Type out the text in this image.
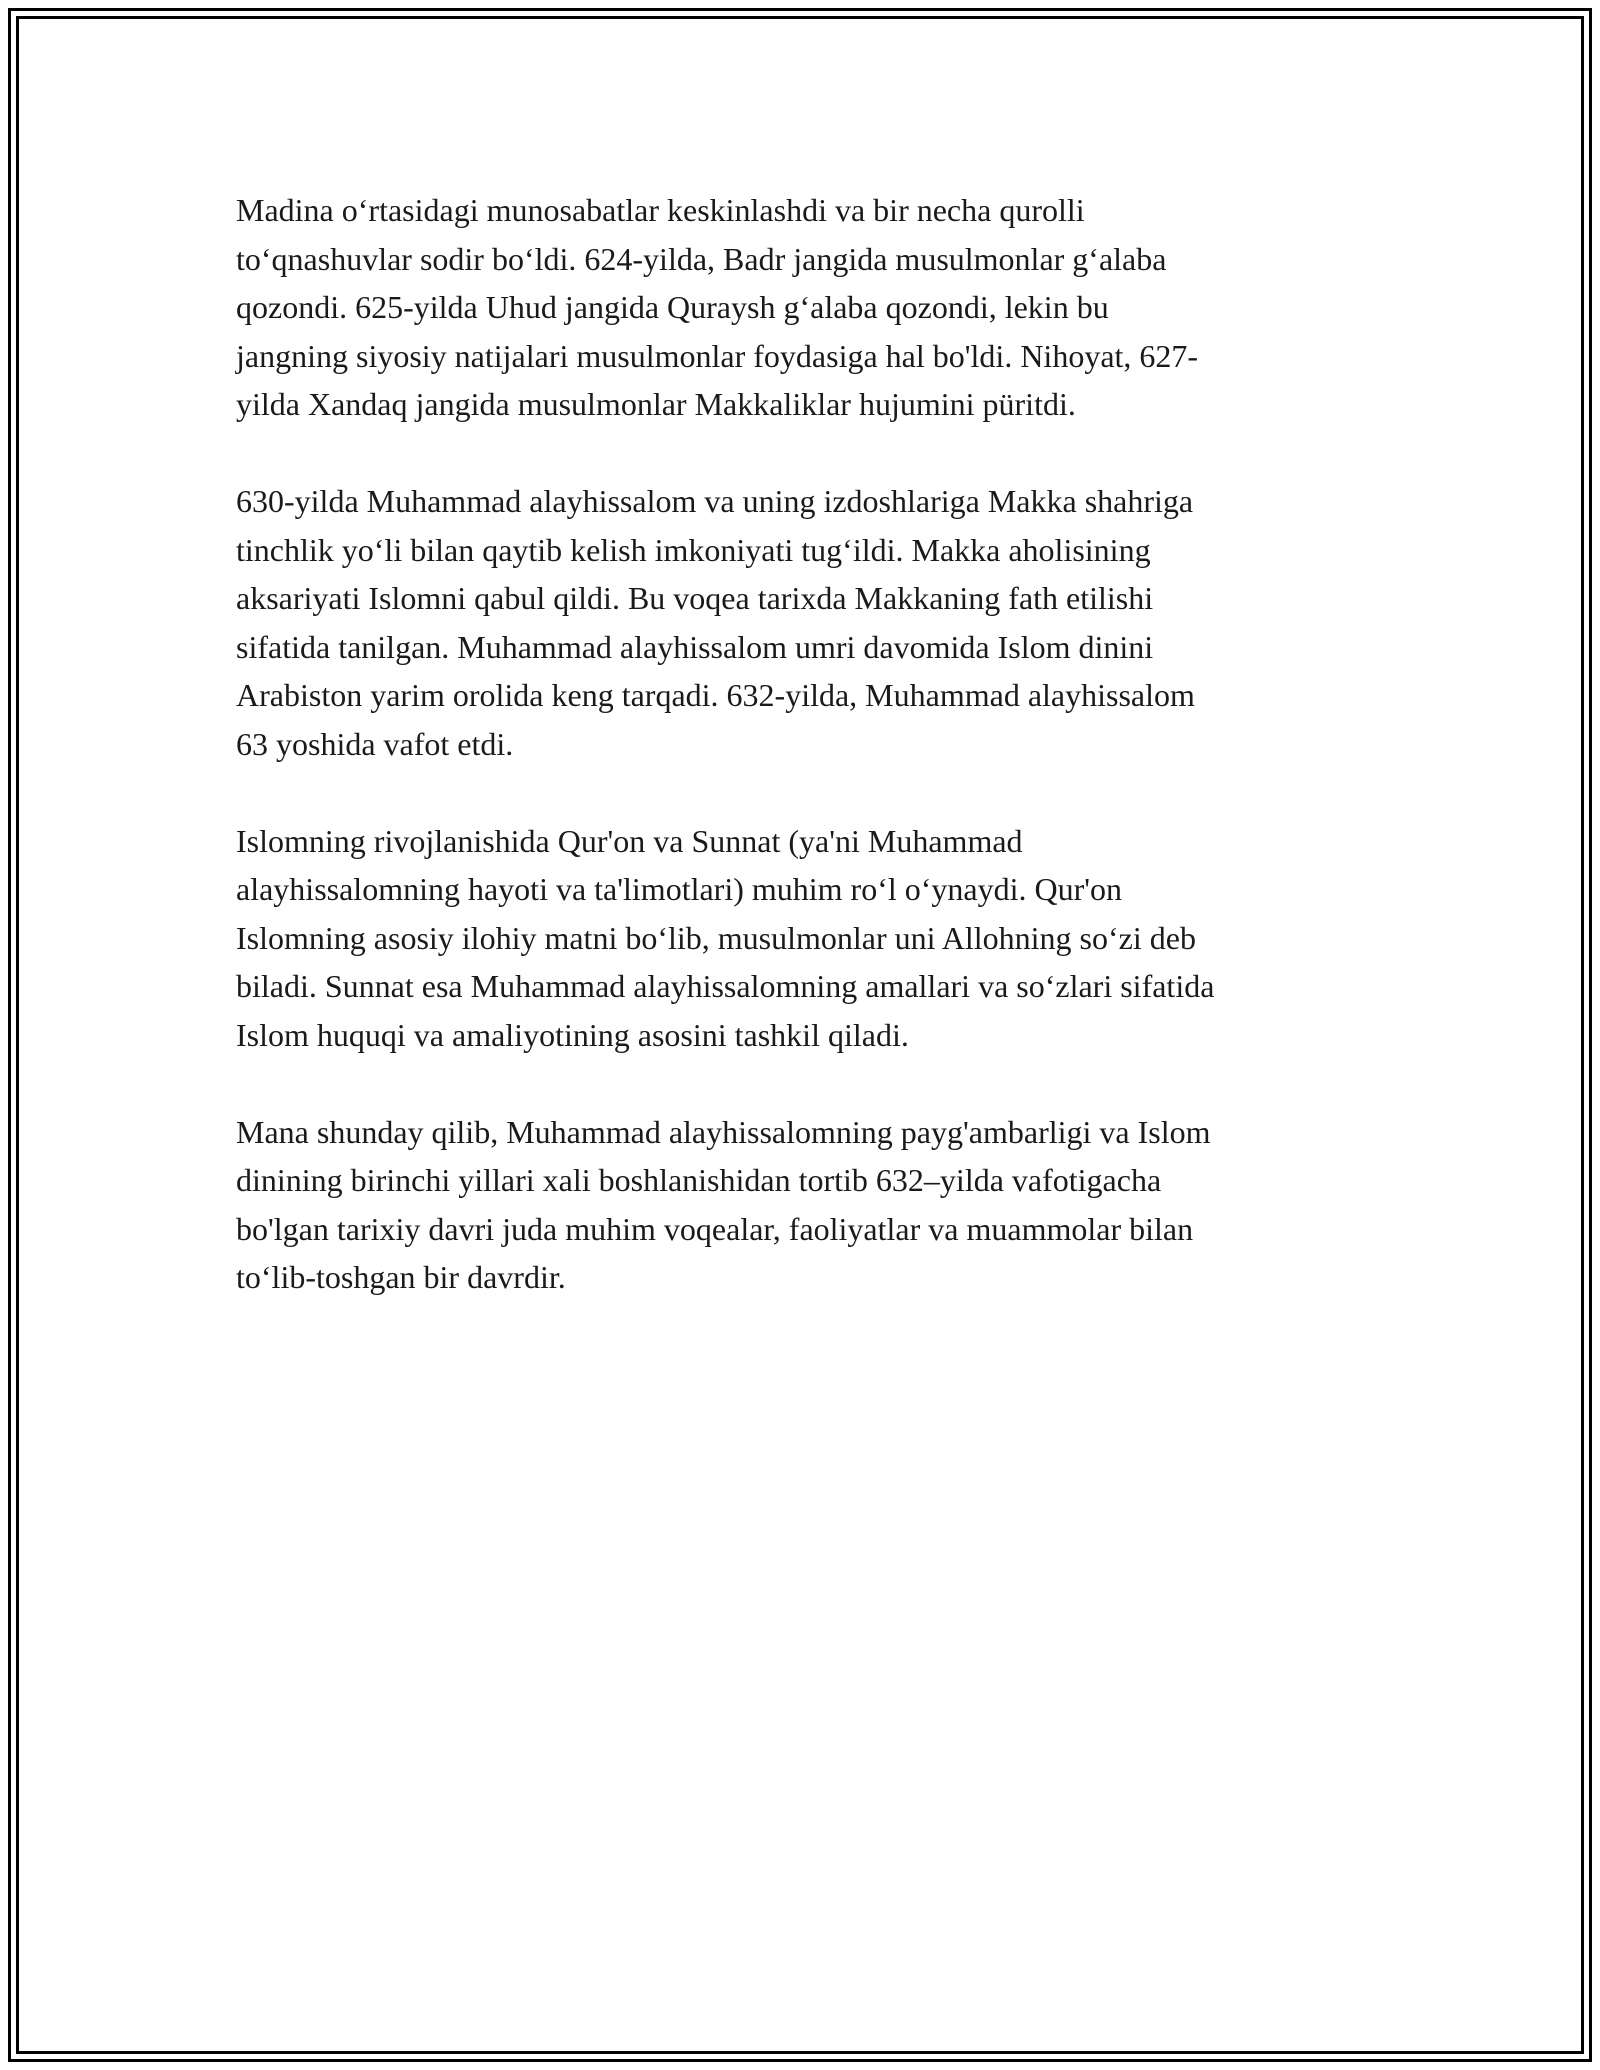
Madina o‘rtasidagi munosabatlar keskinlashdi va bir necha qurolli
to‘qnashuvlar sodir bo‘ldi. 624-yilda, Badr jangida musulmonlar g‘alaba
qozondi. 625-yilda Uhud jangida Quraysh g‘alaba qozondi, lekin bu
jangning siyosiy natijalari musulmonlar foydasiga hal bo'ldi. Nihoyat, 627-
yilda Xandaq jangida musulmonlar Makkaliklar hujumini püritdi.

630-yilda Muhammad alayhissalom va uning izdoshlariga Makka shahriga
tinchlik yo‘li bilan qaytib kelish imkoniyati tug‘ildi. Makka aholisining
aksariyati Islomni qabul qildi. Bu voqea tarixda Makkaning fath etilishi
sifatida tanilgan. Muhammad alayhissalom umri davomida Islom dinini
Arabiston yarim orolida keng tarqadi. 632-yilda, Muhammad alayhissalom
63 yoshida vafot etdi.

Islomning rivojlanishida Qur'on va Sunnat (ya'ni Muhammad
alayhissalomning hayoti va ta'limotlari) muhim ro‘l o‘ynaydi. Qur'on
Islomning asosiy ilohiy matni bo‘lib, musulmonlar uni Allohning so‘zi deb
biladi. Sunnat esa Muhammad alayhissalomning amallari va so‘zlari sifatida
Islom huquqi va amaliyotining asosini tashkil qiladi.

Mana shunday qilib, Muhammad alayhissalomning payg'ambarligi va Islom
dinining birinchi yillari xali boshlanishidan tortib 632–yilda vafotigacha
bo'lgan tarixiy davri juda muhim voqealar, faoliyatlar va muammolar bilan
to‘lib-toshgan bir davrdir.
